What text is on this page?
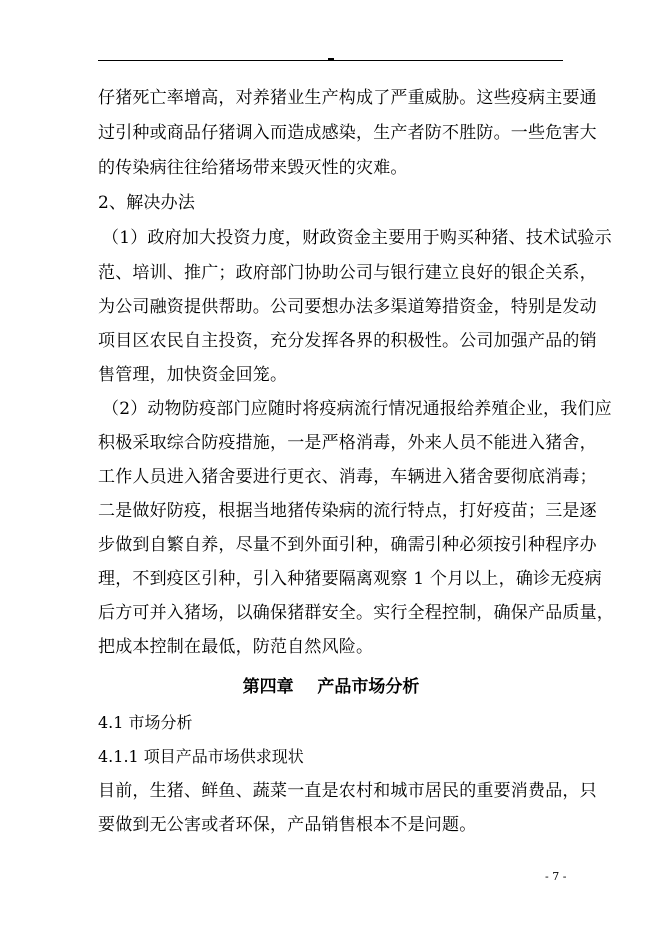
仔猪死亡率增高，对养猪业生产构成了严重威胁。这些疫病主要通
过引种或商品仔猪调入而造成感染，生产者防不胜防。一些危害大
的传染病往往给猪场带来毁灭性的灾难。
2、解决办法
（1）政府加大投资力度，财政资金主要用于购买种猪、技术试验示
范、培训、推广；政府部门协助公司与银行建立良好的银企关系，
为公司融资提供帮助。公司要想办法多渠道筹措资金，特别是发动
项目区农民自主投资，充分发挥各界的积极性。公司加强产品的销
售管理，加快资金回笼。
（2）动物防疫部门应随时将疫病流行情况通报给养殖企业，我们应
积极采取综合防疫措施，一是严格消毒，外来人员不能进入猪舍，
工作人员进入猪舍要进行更衣、消毒，车辆进入猪舍要彻底消毒；
二是做好防疫，根据当地猪传染病的流行特点，打好疫苗；三是逐
步做到自繁自养，尽量不到外面引种，确需引种必须按引种程序办
理，不到疫区引种，引入种猪要隔离观察 1 个月以上，确诊无疫病
后方可并入猪场，以确保猪群安全。实行全程控制，确保产品质量，
把成本控制在最低，防范自然风险。
第四章    产品市场分析
4.1 市场分析
4.1.1 项目产品市场供求现状
目前，生猪、鲜鱼、蔬菜一直是农村和城市居民的重要消费品，只
要做到无公害或者环保，产品销售根本不是问题。
- 7 -
